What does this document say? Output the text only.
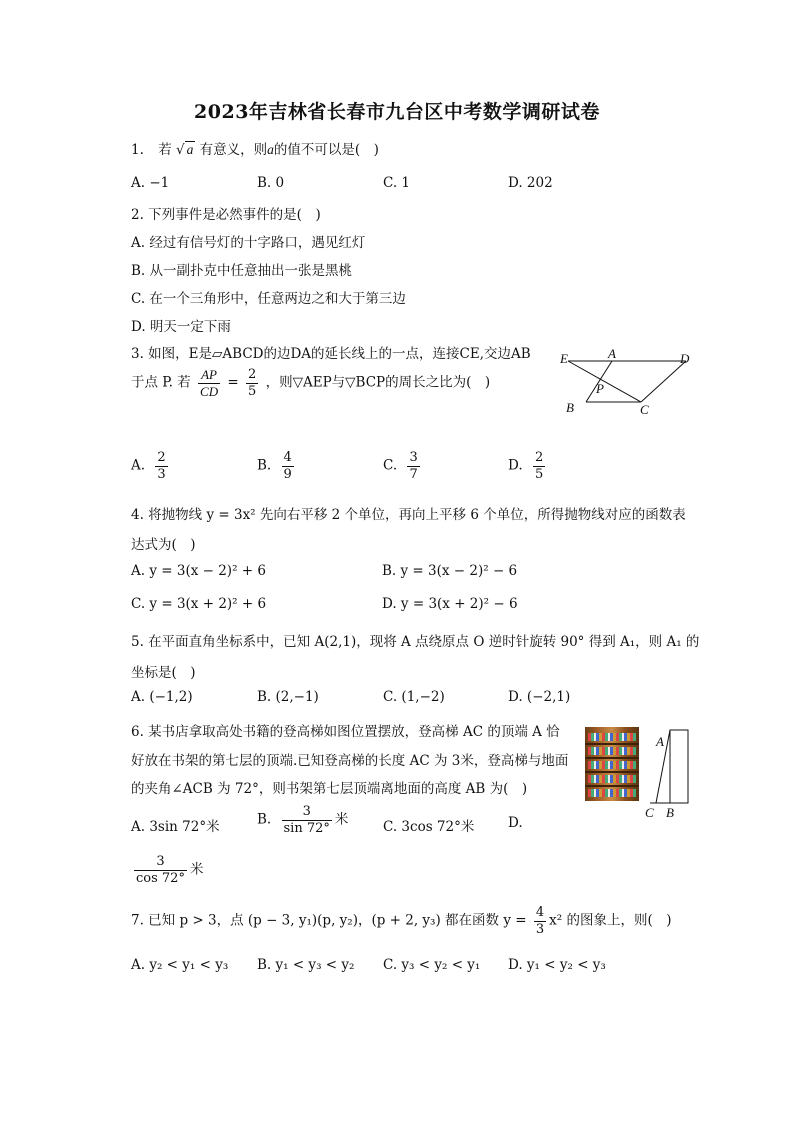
2023年吉林省长春市九台区中考数学调研试卷
1. 若 √ a 有意义，则a的值不可以是(　)
A. −1	B. 0	C. 1	D. 202
2. 下列事件是必然事件的是(　)
A. 经过有信号灯的十字路口，遇见红灯
B. 从一副扑克中任意抽出一张是黑桃
C. 在一个三角形中，任意两边之和大于第三边
D. 明天一定下雨
3. 如图，E是▱ABCD的边DA的延长线上的一点，连接CE,交边AB
于点 P. 若 $\frac{AP}{CD} = \frac{2}{5}$ ，则▽AEP与▽BCP的周长之比为(　)
E	A	D
P
B	C
A. $\frac{2}{3}$	B. $\frac{4}{9}$	C. $\frac{3}{7}$	D. $\frac{2}{5}$
4. 将抛物线 y = 3x² 先向右平移 2 个单位，再向上平移 6 个单位，所得抛物线对应的函数表
达式为(　)
A. y = 3(x − 2)² + 6	B. y = 3(x − 2)² − 6
C. y = 3(x + 2)² + 6	D. y = 3(x + 2)² − 6
5. 在平面直角坐标系中，已知 A(2,1)，现将 A 点绕原点 O 逆时针旋转 90° 得到 A₁，则 A₁ 的
坐标是(　)
A. (−1,2)	B. (2,−1)	C. (1,−2)	D. (−2,1)
6. 某书店拿取高处书籍的登高梯如图位置摆放，登高梯 AC 的顶端 A 恰
好放在书架的第七层的顶端.已知登高梯的长度 AC 为 3米，登高梯与地面
的夹角∠ACB 为 72°，则书架第七层顶端离地面的高度 AB 为(　)
A
C B
A. 3sin 72°米	B. $\frac{3}{\sin 72^\circ}$ 米	C. 3cos 72°米 D.
$\frac{3}{\cos 72^\circ}$ 米
7. 已知 p > 3，点 (p − 3, y₁)(p, y₂)，(p + 2, y₃) 都在函数 $y = \frac{4}{3} x^2$ 的图象上，则(　)
A. y₂ < y₁ < y₃ B. y₁ < y₃ < y₂ C. y₃ < y₂ < y₁ D. y₁ < y₂ < y₃
